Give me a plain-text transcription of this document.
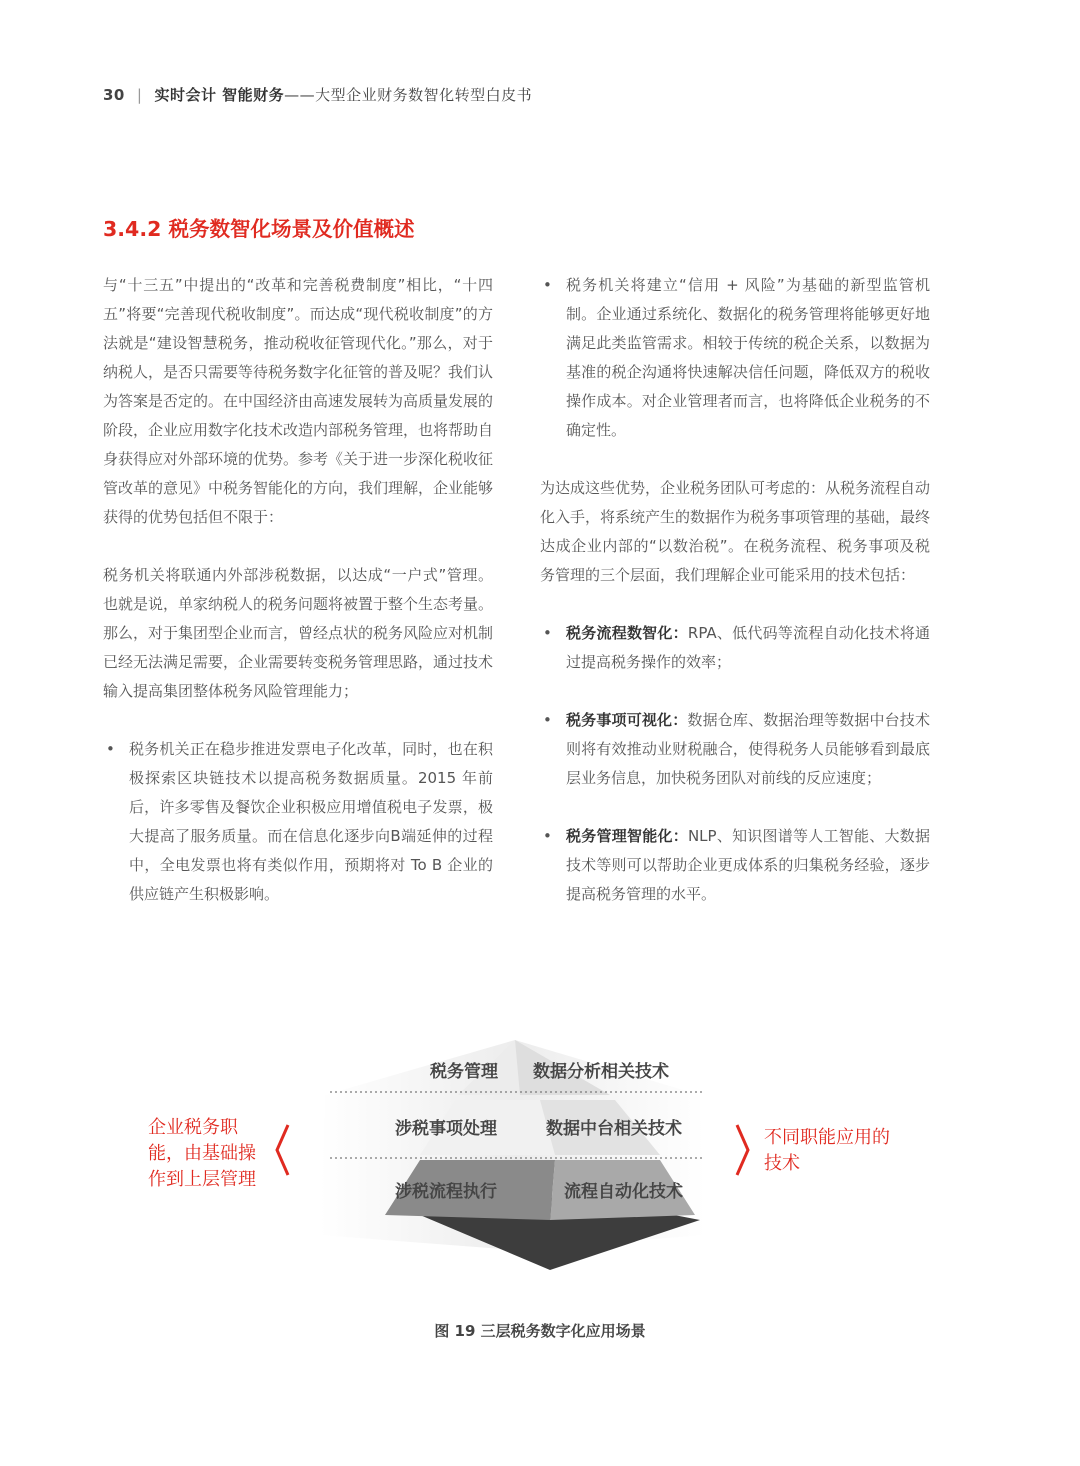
30 | 实时会计 智能财务——大型企业财务数智化转型白皮书
3.4.2 税务数智化场景及价值概述

与“十三五”中提出的“改革和完善税费制度”相比，“十四五”将要“完善现代税收制度”。而达成“现代税收制度”的方法就是“建设智慧税务，推动税收征管现代化。”那么，对于纳税人，是否只需要等待税务数字化征管的普及呢？我们认为答案是否定的。在中国经济由高速发展转为高质量发展的阶段，企业应用数字化技术改造内部税务管理，也将帮助自身获得应对外部环境的优势。参考《关于进一步深化税收征管改革的意见》中税务智能化的方向，我们理解，企业能够获得的优势包括但不限于：

税务机关将联通内外部涉税数据，以达成“一户式”管理。也就是说，单家纳税人的税务问题将被置于整个生态考量。那么，对于集团型企业而言，曾经点状的税务风险应对机制已经无法满足需要，企业需要转变税务管理思路，通过技术输入提高集团整体税务风险管理能力；

• 税务机关正在稳步推进发票电子化改革，同时，也在积极探索区块链技术以提高税务数据质量。2015 年前后，许多零售及餐饮企业积极应用增值税电子发票，极大提高了服务质量。而在信息化逐步向B端延伸的过程中，全电发票也将有类似作用，预期将对 To B 企业的供应链产生积极影响。
• 税务机关将建立“信用 + 风险”为基础的新型监管机制。企业通过系统化、数据化的税务管理将能够更好地满足此类监管需求。相较于传统的税企关系，以数据为基准的税企沟通将快速解决信任问题，降低双方的税收操作成本。对企业管理者而言，也将降低企业税务的不确定性。

为达成这些优势，企业税务团队可考虑的：从税务流程自动化入手，将系统产生的数据作为税务事项管理的基础，最终达成企业内部的“以数治税”。在税务流程、税务事项及税务管理的三个层面，我们理解企业可能采用的技术包括：

• 税务流程数智化：RPA、低代码等流程自动化技术将通过提高税务操作的效率；
• 税务事项可视化：数据仓库、数据治理等数据中台技术则将有效推动业财税融合，使得税务人员能够看到最底层业务信息，加快税务团队对前线的反应速度；
• 税务管理智能化：NLP、知识图谱等人工智能、大数据技术等则可以帮助企业更成体系的归集税务经验，逐步提高税务管理的水平。
企业税务职能，由基础操作到上层管理
不同职能应用的技术
税务管理 数据分析相关技术
涉税事项处理	数据中台相关技术
涉税流程执行	流程自动化技术
图 19 三层税务数字化应用场景
